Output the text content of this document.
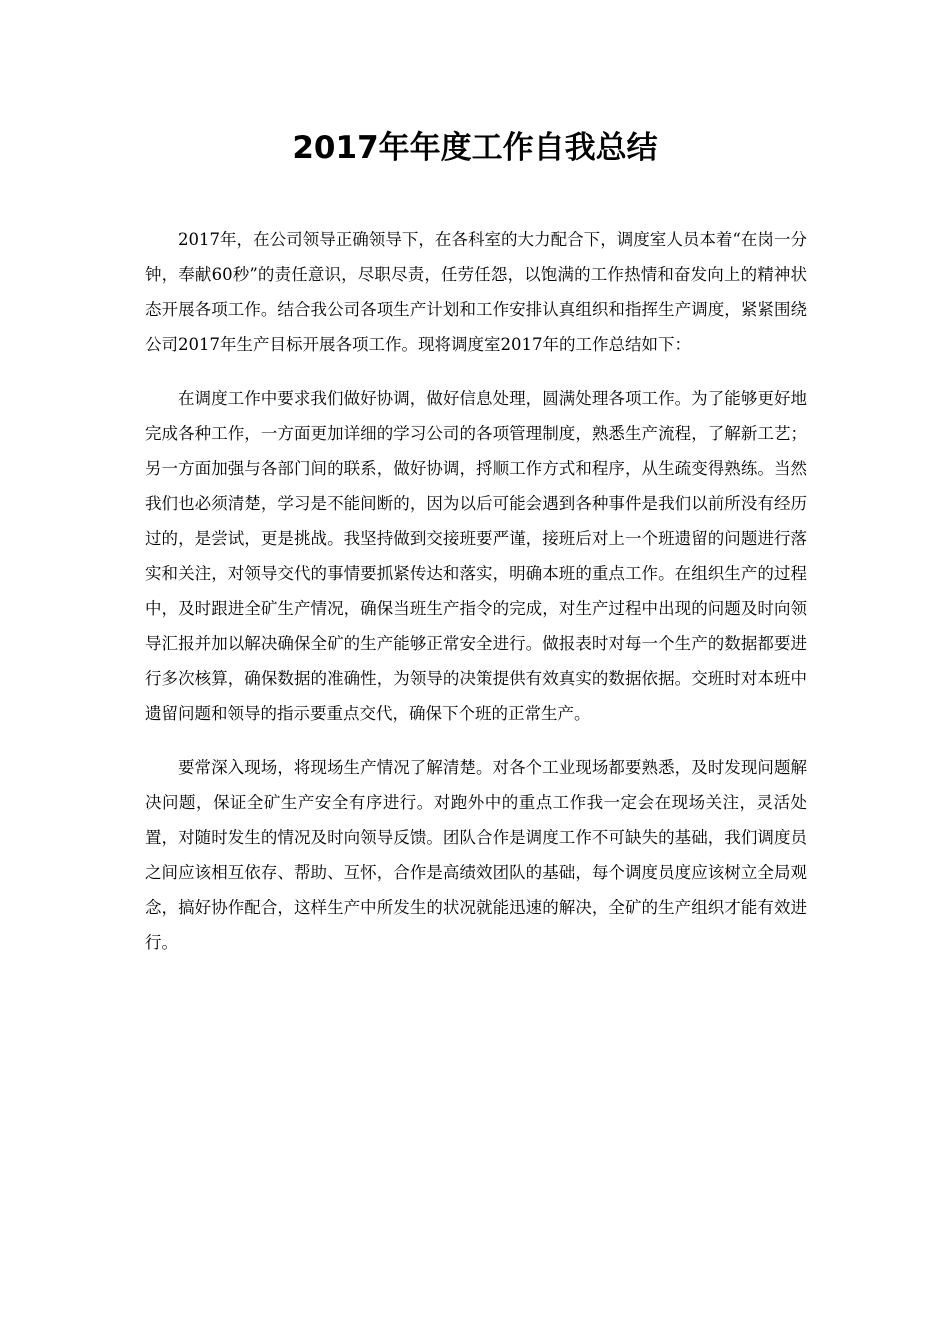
2017年年度工作自我总结

2017年，在公司领导正确领导下，在各科室的大力配合下，调度室人员本着“在岗一分钟，奉献60秒”的责任意识，尽职尽责，任劳任怨，以饱满的工作热情和奋发向上的精神状态开展各项工作。结合我公司各项生产计划和工作安排认真组织和指挥生产调度，紧紧围绕公司2017年生产目标开展各项工作。现将调度室2017年的工作总结如下：

在调度工作中要求我们做好协调，做好信息处理，圆满处理各项工作。为了能够更好地完成各种工作，一方面更加详细的学习公司的各项管理制度，熟悉生产流程，了解新工艺；另一方面加强与各部门间的联系，做好协调，捋顺工作方式和程序，从生疏变得熟练。当然我们也必须清楚，学习是不能间断的，因为以后可能会遇到各种事件是我们以前所没有经历过的，是尝试，更是挑战。我坚持做到交接班要严谨，接班后对上一个班遗留的问题进行落实和关注，对领导交代的事情要抓紧传达和落实，明确本班的重点工作。在组织生产的过程中，及时跟进全矿生产情况，确保当班生产指令的完成，对生产过程中出现的问题及时向领导汇报并加以解决确保全矿的生产能够正常安全进行。做报表时对每一个生产的数据都要进行多次核算，确保数据的准确性，为领导的决策提供有效真实的数据依据。交班时对本班中遗留问题和领导的指示要重点交代，确保下个班的正常生产。

要常深入现场，将现场生产情况了解清楚。对各个工业现场都要熟悉，及时发现问题解决问题，保证全矿生产安全有序进行。对跑外中的重点工作我一定会在现场关注，灵活处置，对随时发生的情况及时向领导反馈。团队合作是调度工作不可缺失的基础，我们调度员之间应该相互依存、帮助、互怀，合作是高绩效团队的基础，每个调度员度应该树立全局观念，搞好协作配合，这样生产中所发生的状况就能迅速的解决，全矿的生产组织才能有效进行。
